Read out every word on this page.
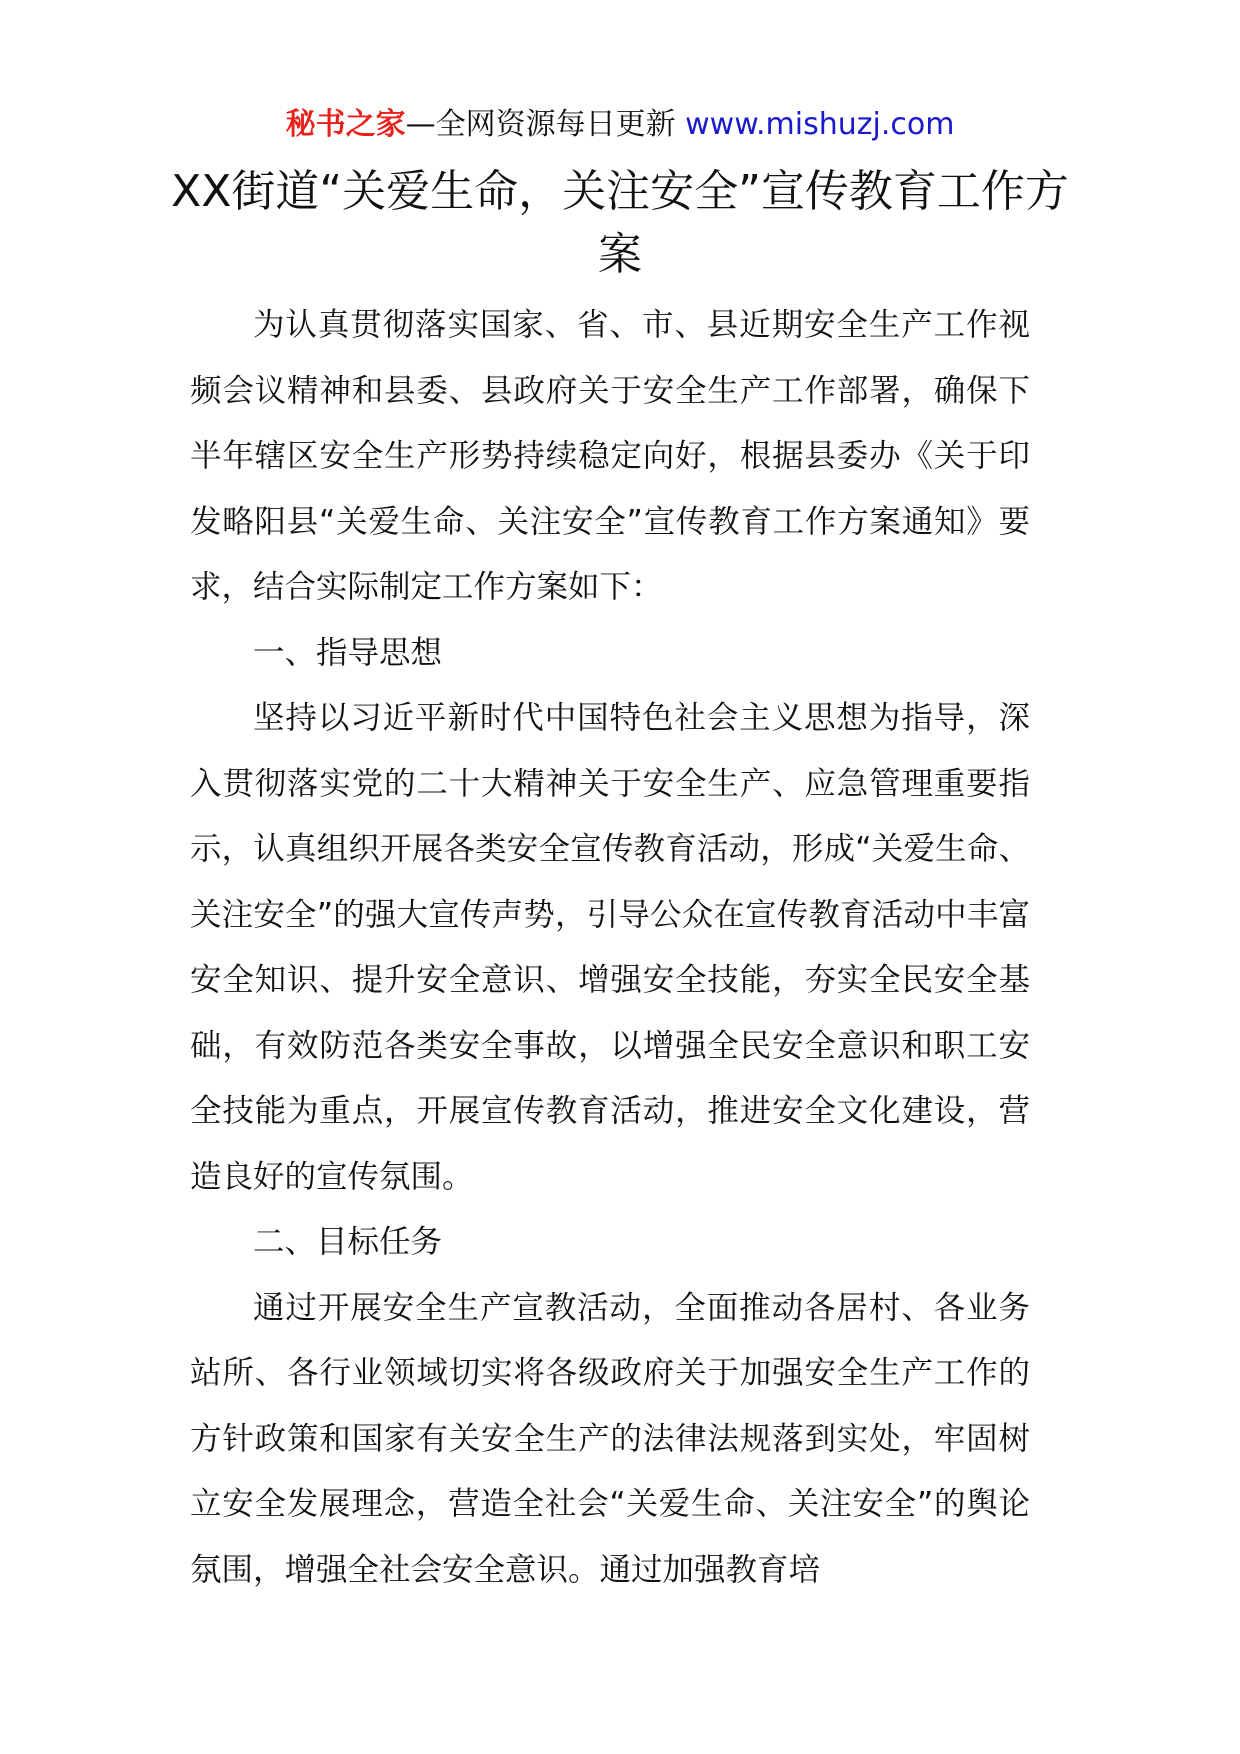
秘书之家—全网资源每日更新 www.mishuzj.com
XX街道“关爱生命，关注安全”宣传教育工作方案

为认真贯彻落实国家、省、市、县近期安全生产工作视频会议精神和县委、县政府关于安全生产工作部署，确保下半年辖区安全生产形势持续稳定向好，根据县委办《关于印发略阳县“关爱生命、关注安全”宣传教育工作方案通知》要求，结合实际制定工作方案如下：

一、指导思想

坚持以习近平新时代中国特色社会主义思想为指导，深入贯彻落实党的二十大精神关于安全生产、应急管理重要指示，认真组织开展各类安全宣传教育活动，形成“关爱生命、关注安全”的强大宣传声势，引导公众在宣传教育活动中丰富安全知识、提升安全意识、增强安全技能，夯实全民安全基础，有效防范各类安全事故，以增强全民安全意识和职工安全技能为重点，开展宣传教育活动，推进安全文化建设，营造良好的宣传氛围。

二、目标任务

通过开展安全生产宣教活动，全面推动各居村、各业务站所、各行业领域切实将各级政府关于加强安全生产工作的方针政策和国家有关安全生产的法律法规落到实处，牢固树立安全发展理念，营造全社会“关爱生命、关注安全”的舆论氛围，增强全社会安全意识。通过加强教育培
